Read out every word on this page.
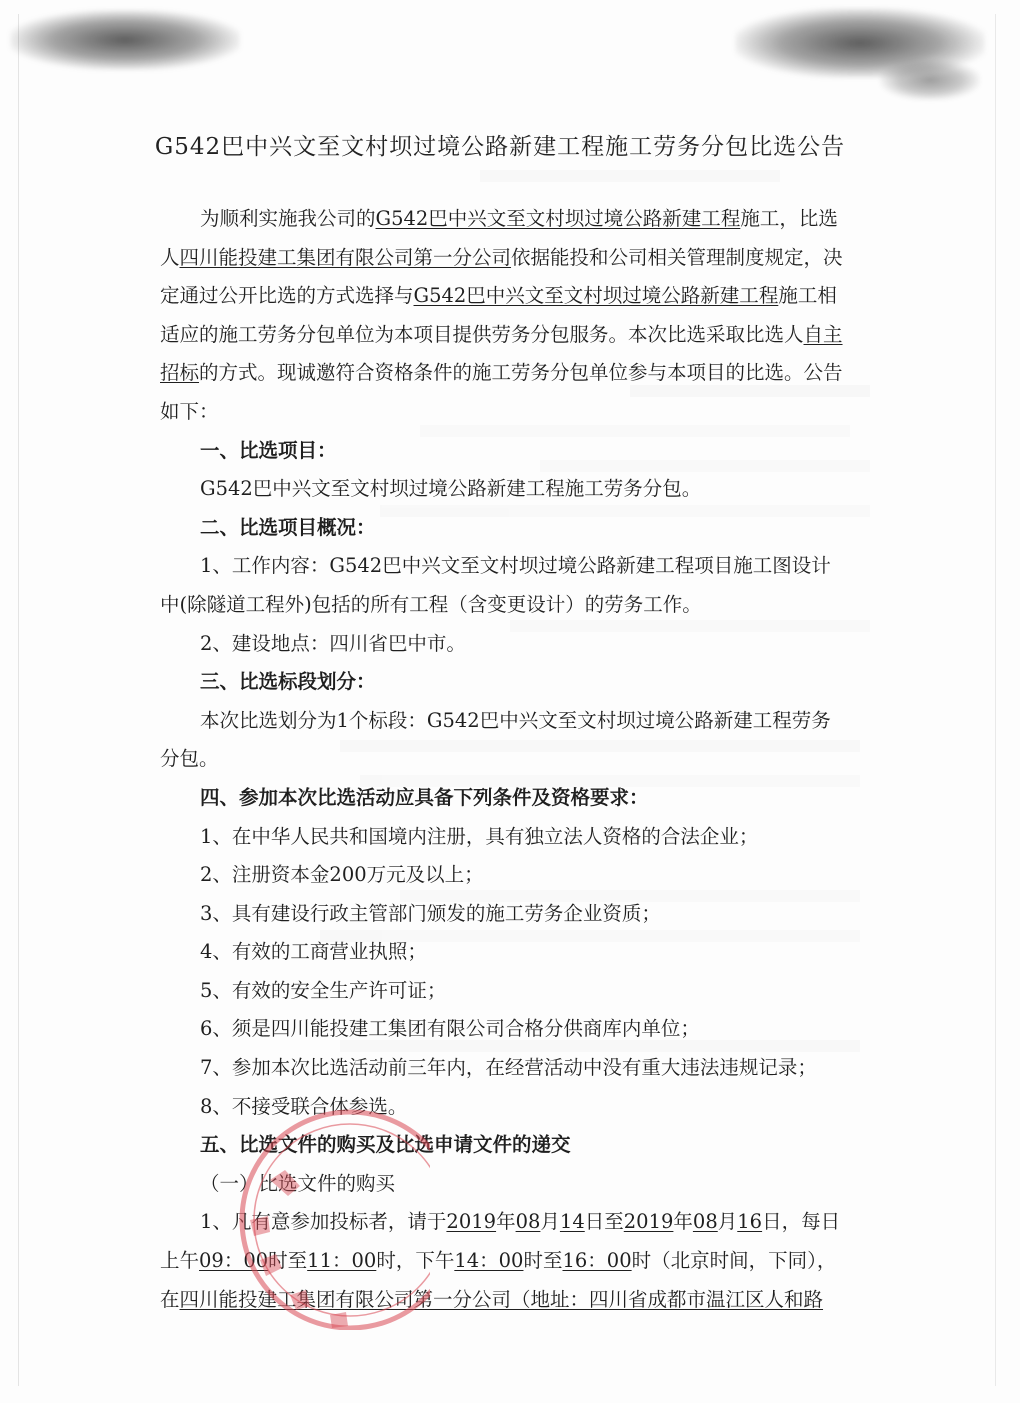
G542巴中兴文至文村坝过境公路新建工程施工劳务分包比选公告

为顺利实施我公司的G542巴中兴文至文村坝过境公路新建工程施工，比选人四川能投建工集团有限公司第一分公司依据能投和公司相关管理制度规定，决定通过公开比选的方式选择与G542巴中兴文至文村坝过境公路新建工程施工相适应的施工劳务分包单位为本项目提供劳务分包服务。本次比选采取比选人自主招标的方式。现诚邀符合资格条件的施工劳务分包单位参与本项目的比选。公告如下：

一、比选项目：

G542巴中兴文至文村坝过境公路新建工程施工劳务分包。

二、比选项目概况：

1、工作内容：G542巴中兴文至文村坝过境公路新建工程项目施工图设计中(除隧道工程外)包括的所有工程（含变更设计）的劳务工作。

2、建设地点：四川省巴中市。

三、比选标段划分：

本次比选划分为1个标段：G542巴中兴文至文村坝过境公路新建工程劳务分包。

四、参加本次比选活动应具备下列条件及资格要求：

1、在中华人民共和国境内注册，具有独立法人资格的合法企业；

2、注册资本金200万元及以上；

3、具有建设行政主管部门颁发的施工劳务企业资质；

4、有效的工商营业执照；

5、有效的安全生产许可证；

6、须是四川能投建工集团有限公司合格分供商库内单位；

7、参加本次比选活动前三年内，在经营活动中没有重大违法违规记录；

8、不接受联合体参选。

五、比选文件的购买及比选申请文件的递交

（一）比选文件的购买

1、凡有意参加投标者，请于2019年08月14日至2019年08月16日，每日上午09：00时至11：00时，下午14：00时至16：00时（北京时间，下同），在四川能投建工集团有限公司第一分公司（地址：四川省成都市温江区人和路
